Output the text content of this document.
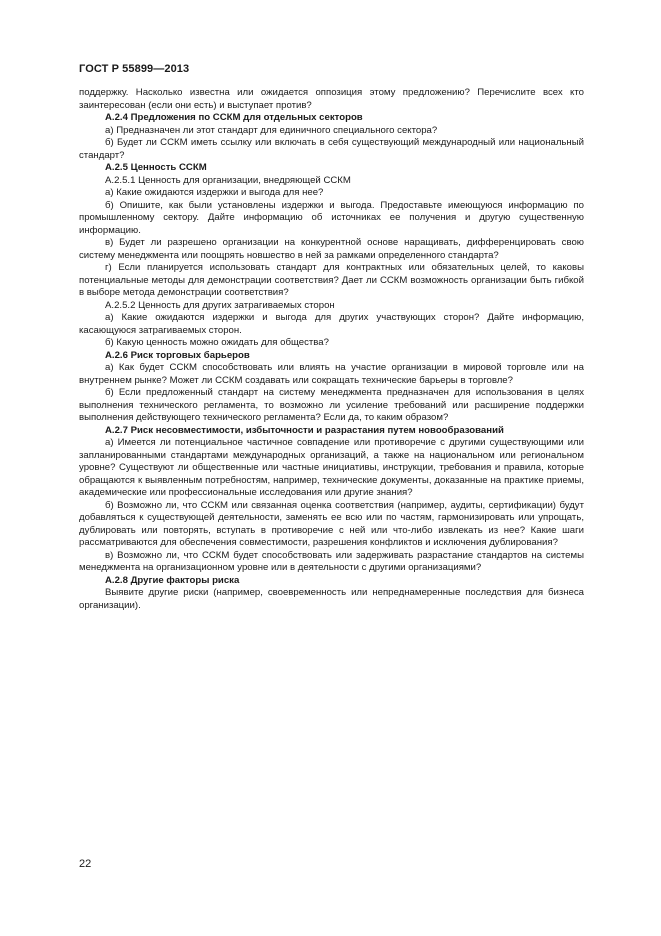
ГОСТ Р 55899—2013

поддержку. Насколько известна или ожидается оппозиция этому предложению? Перечислите всех кто заинтересован (если они есть) и выступает против?

А.2.4 Предложения по ССКМ для отдельных секторов

а) Предназначен ли этот стандарт для единичного специального сектора?

б) Будет ли ССКМ иметь ссылку или включать в себя существующий международный или национальный стандарт?

А.2.5 Ценность ССКМ

А.2.5.1 Ценность для организации, внедряющей ССКМ

а) Какие ожидаются издержки и выгода для нее?

б) Опишите, как были установлены издержки и выгода. Предоставьте имеющуюся информацию по промышленному сектору. Дайте информацию об источниках ее получения и другую существенную информацию.

в) Будет ли разрешено организации на конкурентной основе наращивать, дифференцировать свою систему менеджмента или поощрять новшество в ней за рамками определенного стандарта?

г) Если планируется использовать стандарт для контрактных или обязательных целей, то каковы потенциальные методы для демонстрации соответствия? Дает ли ССКМ возможность организации быть гибкой в выборе метода демонстрации соответствия?

А.2.5.2 Ценность для других затрагиваемых сторон

а) Какие ожидаются издержки и выгода для других участвующих сторон? Дайте информацию, касающуюся затрагиваемых сторон.

б) Какую ценность можно ожидать для общества?

А.2.6 Риск торговых барьеров

а) Как будет ССКМ способствовать или влиять на участие организации в мировой торговле или на внутреннем рынке? Может ли ССКМ создавать или сокращать технические барьеры в торговле?

б) Если предложенный стандарт на систему менеджмента предназначен для использования в целях выполнения технического регламента, то возможно ли усиление требований или расширение поддержки выполнения действующего технического регламента? Если да, то каким образом?

А.2.7 Риск несовместимости, избыточности и разрастания путем новообразований

а) Имеется ли потенциальное частичное совпадение или противоречие с другими существующими или запланированными стандартами международных организаций, а также на национальном или региональном уровне? Существуют ли общественные или частные инициативы, инструкции, требования и правила, которые обращаются к выявленным потребностям, например, технические документы, доказанные на практике приемы, академические или профессиональные исследования или другие знания?

б) Возможно ли, что ССКМ или связанная оценка соответствия (например, аудиты, сертификации) будут добавляться к существующей деятельности, заменять ее всю или по частям, гармонизировать или упрощать, дублировать или повторять, вступать в противоречие с ней или что-либо извлекать из нее? Какие шаги рассматриваются для обеспечения совместимости, разрешения конфликтов и исключения дублирования?

в) Возможно ли, что ССКМ будет способствовать или задерживать разрастание стандартов на системы менеджмента на организационном уровне или в деятельности с другими организациями?

А.2.8 Другие факторы риска

Выявите другие риски (например, своевременность или непреднамеренные последствия для бизнеса организации).

22
